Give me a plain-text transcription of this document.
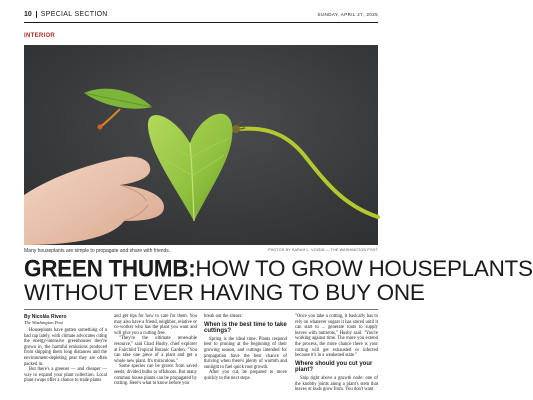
10	SPECIAL SECTION	SUNDAY, APRIL 27, 2025
INTERIOR
Many houseplants are simple to propagate and share with friends.	PHOTOS BY SARAH L. VOISIN — THE WASHINGTON POST
GREEN THUMB:HOW TO GROW HOUSEPLANTS
WITHOUT EVER HAVING TO BUY ONE
By Nicolás Rivero
The Washington Post

Houseplants have gotten something of a bad rap lately, with climate advocates citing the energy-intensive greenhouses they're grown in, the harmful emissions produced from shipping them long distances and the environment-depleting peat they are often packed in.

But there's a greener — and cheaper — way to expand your plant collection. Local plant swaps offer a chance to trade plants

and get tips for how to care for them. You may also have a friend, neighbor, relative or co-worker who has the plant you want and will give you a cutting free.

"They're the ultimate renewable resource," said Chad Husby, chief explorer at Fairchild Tropical Botanic Garden. "You can take one piece of a plant and get a whole new plant. It's miraculous."

Some species can be grown from saved seeds, divided bulbs or offshoots. But many common house plants can be propagated by cutting. Here's what to know before you

break out the shears:

When is the best time to take cuttings?

Spring is the ideal time. Plants respond best to pruning at the beginning of their growing season, and cuttings intended for propagation have the best chance of thriving when there's plenty of warmth and sunlight to fuel quick root growth.

After you cut, be prepared to move quickly to the next steps.

"Once you take a cutting, it basically has to rely on whatever sugars it has stored until it can start to ... generate roots to supply leaves with nutrients," Husby said. "You're working against time. The more you extend the process, the more chance there is your cutting will get exhausted or infected because it's in a weakened state."

Where should you cut your plant?

Snip right above a growth node: one of the knobby joints along a plant's stem that leaves or buds grow from. You don't want
